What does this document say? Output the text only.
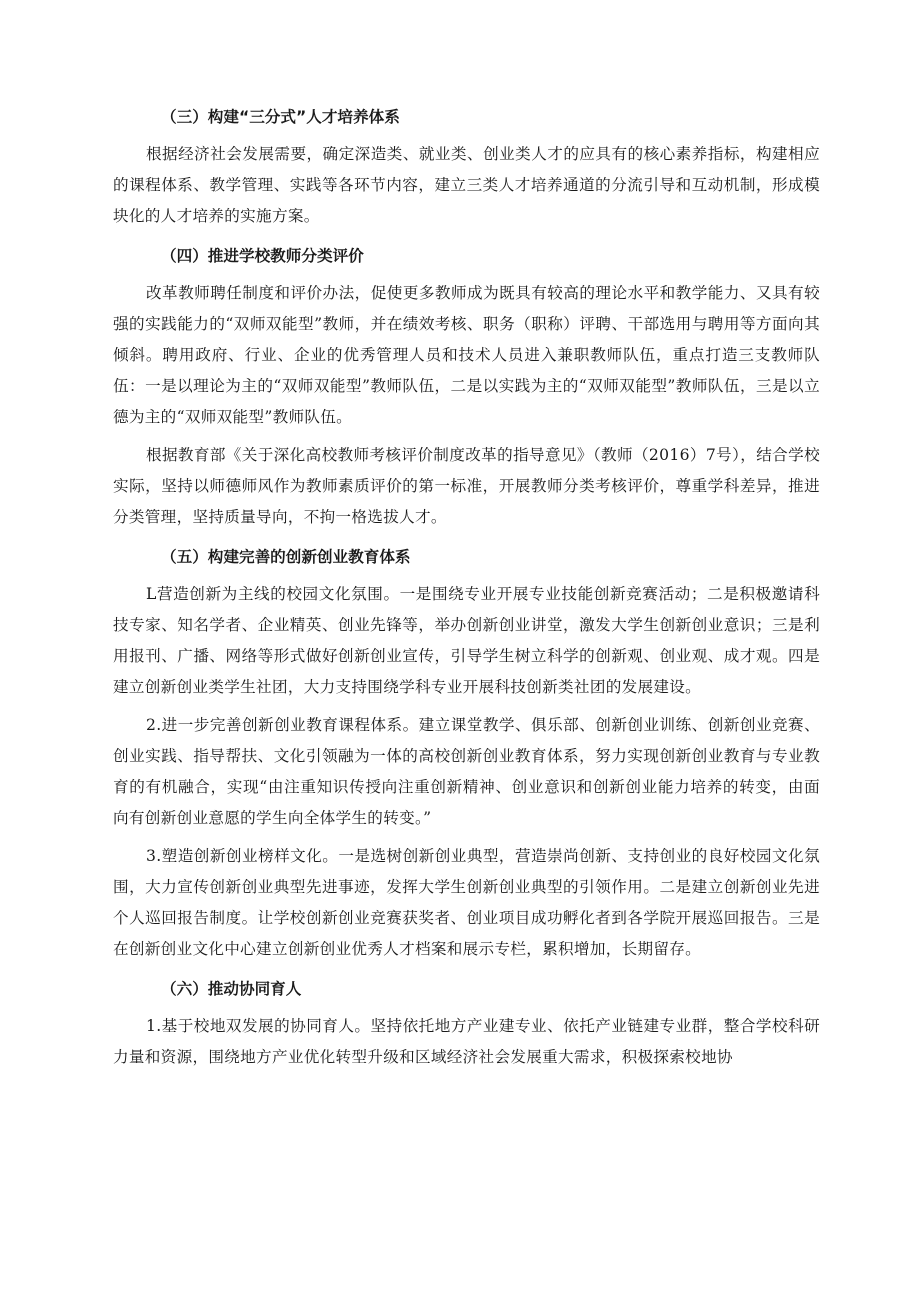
（三）构建“三分式”人才培养体系

根据经济社会发展需要，确定深造类、就业类、创业类人才的应具有的核心素养指标，构建相应的课程体系、教学管理、实践等各环节内容，建立三类人才培养通道的分流引导和互动机制，形成模块化的人才培养的实施方案。

（四）推进学校教师分类评价

改革教师聘任制度和评价办法，促使更多教师成为既具有较高的理论水平和教学能力、又具有较强的实践能力的“双师双能型”教师，并在绩效考核、职务（职称）评聘、干部选用与聘用等方面向其倾斜。聘用政府、行业、企业的优秀管理人员和技术人员进入兼职教师队伍，重点打造三支教师队伍：一是以理论为主的“双师双能型”教师队伍，二是以实践为主的“双师双能型”教师队伍，三是以立德为主的“双师双能型”教师队伍。

根据教育部《关于深化高校教师考核评价制度改革的指导意见》（教师（2016）7号），结合学校实际，坚持以师德师风作为教师素质评价的第一标准，开展教师分类考核评价，尊重学科差异，推进分类管理，坚持质量导向，不拘一格选拔人才。

（五）构建完善的创新创业教育体系

L营造创新为主线的校园文化氛围。一是围绕专业开展专业技能创新竞赛活动；二是积极邀请科技专家、知名学者、企业精英、创业先锋等，举办创新创业讲堂，激发大学生创新创业意识；三是利用报刊、广播、网络等形式做好创新创业宣传，引导学生树立科学的创新观、创业观、成才观。四是建立创新创业类学生社团，大力支持围绕学科专业开展科技创新类社团的发展建设。

2.进一步完善创新创业教育课程体系。建立课堂教学、俱乐部、创新创业训练、创新创业竞赛、创业实践、指导帮扶、文化引领融为一体的高校创新创业教育体系，努力实现创新创业教育与专业教育的有机融合，实现“由注重知识传授向注重创新精神、创业意识和创新创业能力培养的转变，由面向有创新创业意愿的学生向全体学生的转变。”

3.塑造创新创业榜样文化。一是选树创新创业典型，营造崇尚创新、支持创业的良好校园文化氛围，大力宣传创新创业典型先进事迹，发挥大学生创新创业典型的引领作用。二是建立创新创业先进个人巡回报告制度。让学校创新创业竞赛获奖者、创业项目成功孵化者到各学院开展巡回报告。三是在创新创业文化中心建立创新创业优秀人才档案和展示专栏，累积增加，长期留存。

（六）推动协同育人

1.基于校地双发展的协同育人。坚持依托地方产业建专业、依托产业链建专业群，整合学校科研力量和资源，围绕地方产业优化转型升级和区域经济社会发展重大需求，积极探索校地协
